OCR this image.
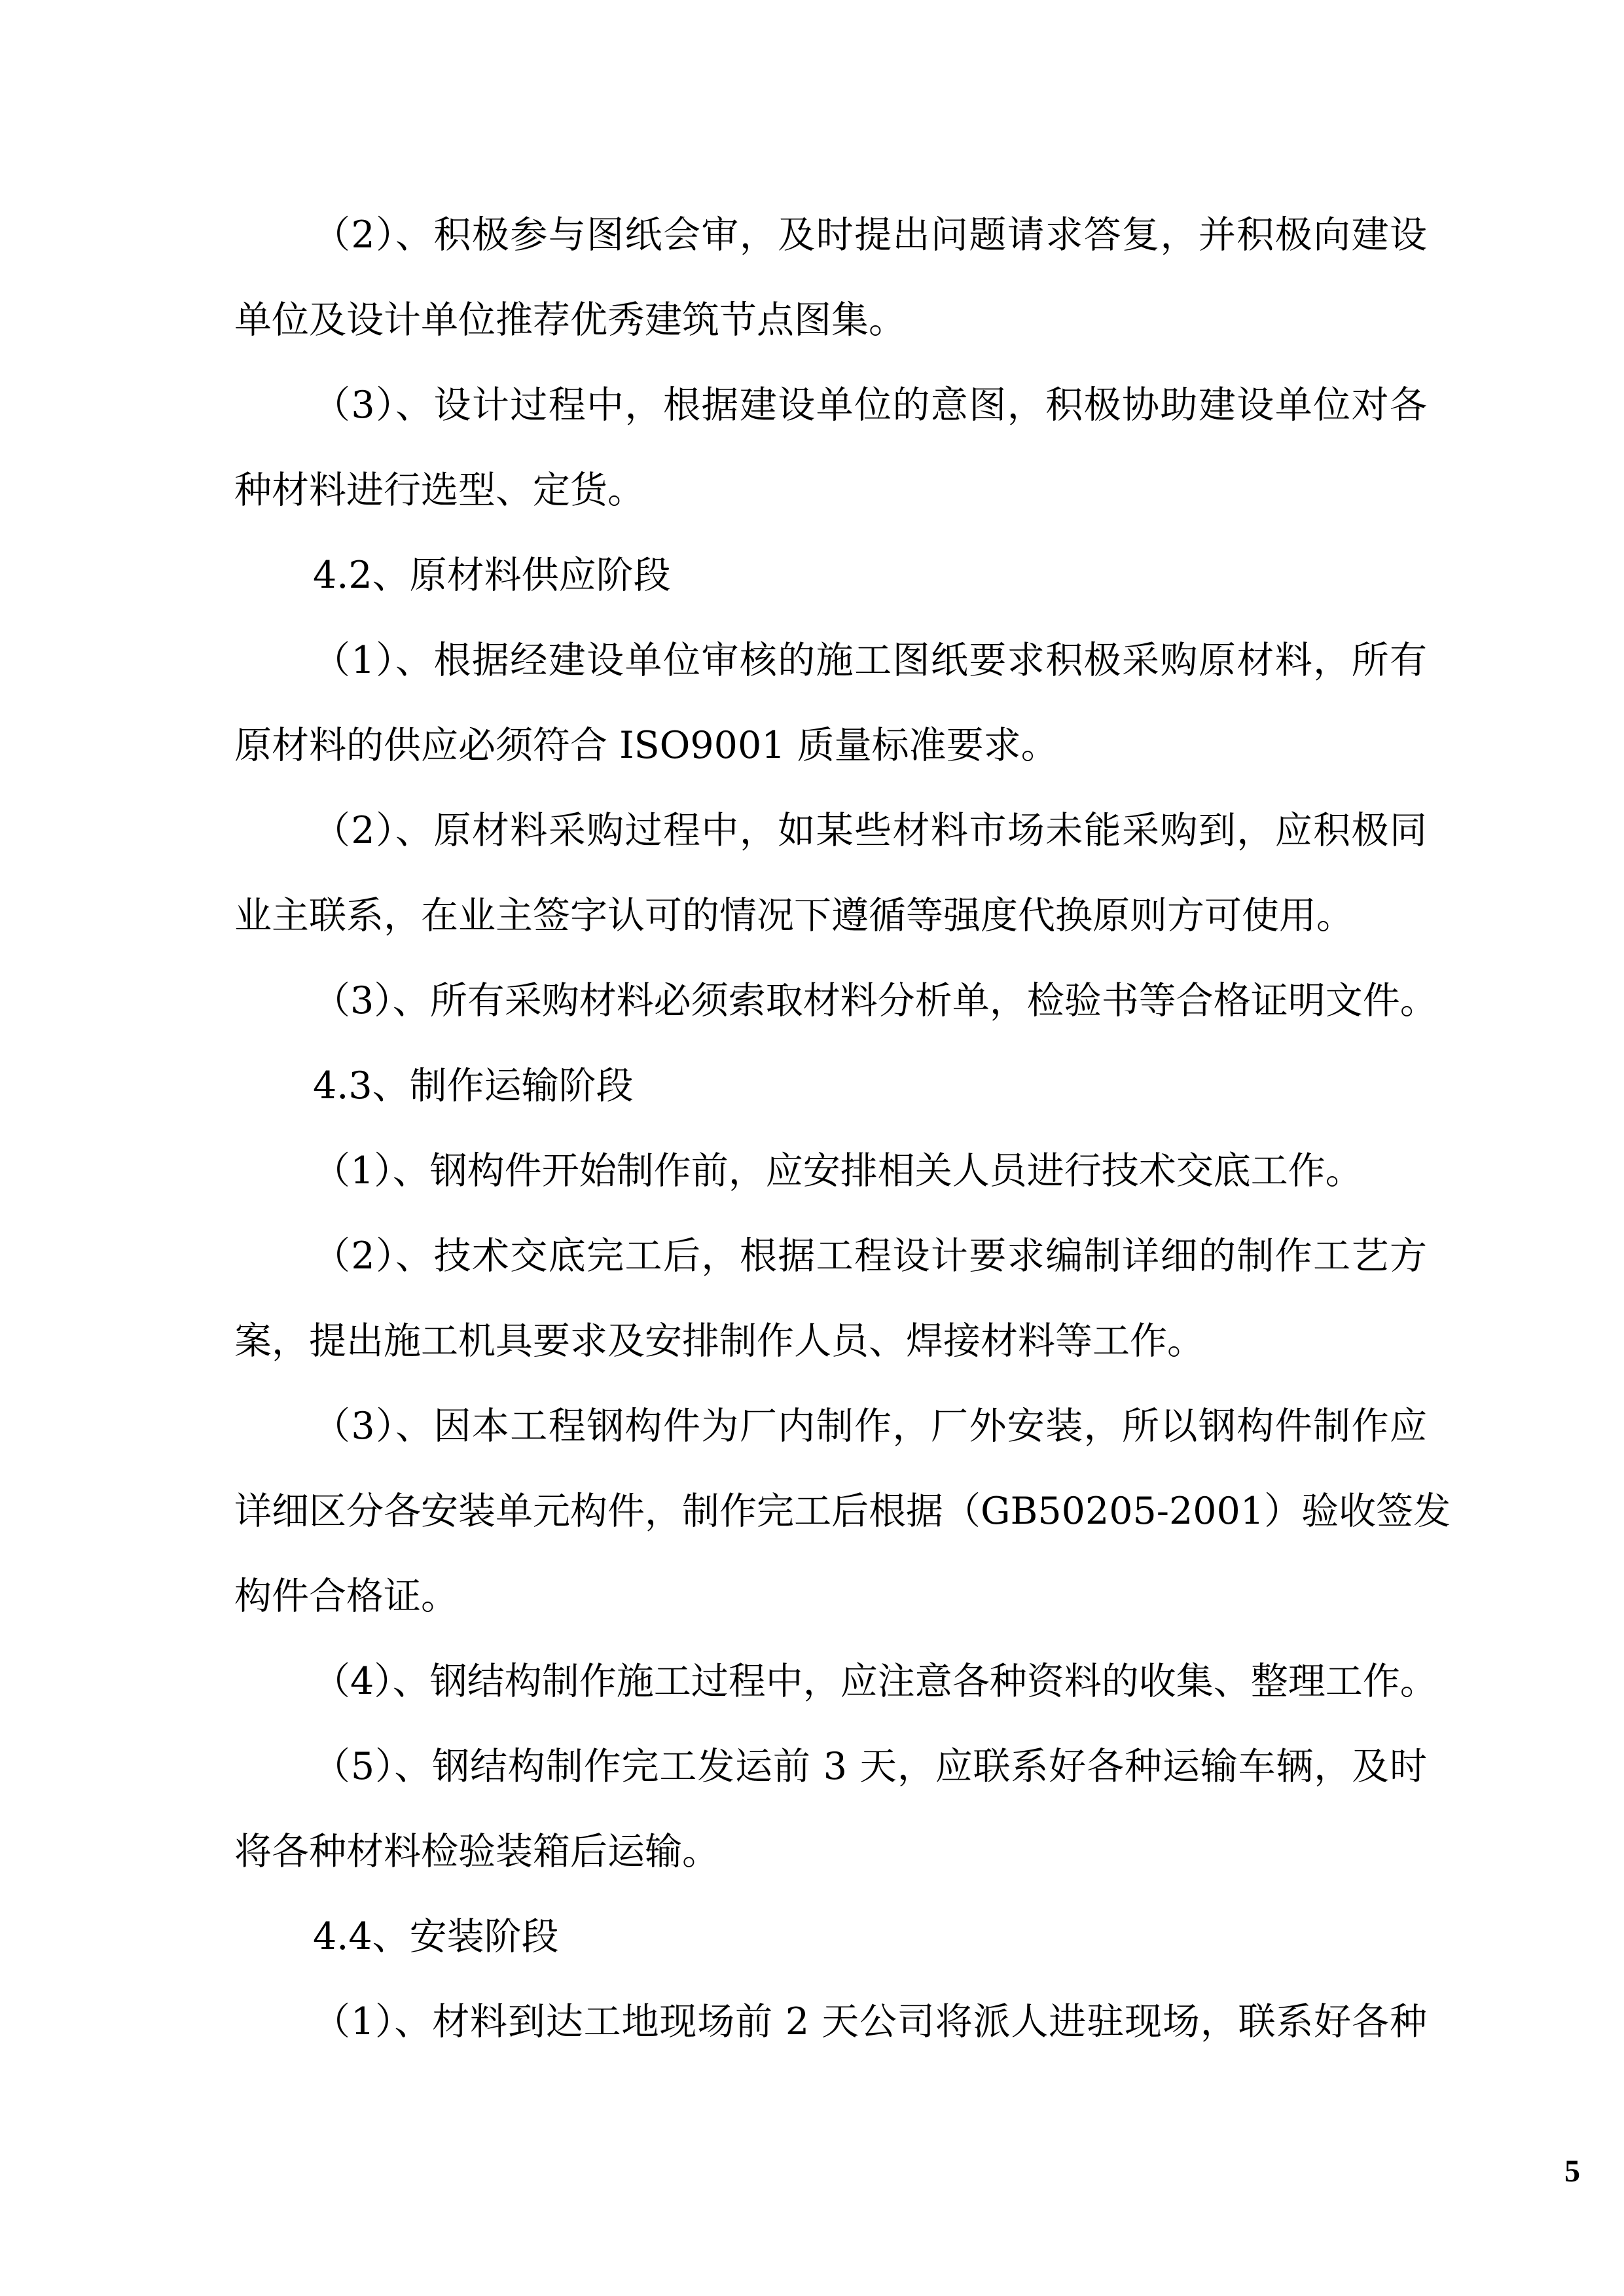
（2）、积极参与图纸会审，及时提出问题请求答复，并积极向建设
单位及设计单位推荐优秀建筑节点图集。
（3）、设计过程中，根据建设单位的意图，积极协助建设单位对各
种材料进行选型、定货。
4.2、原材料供应阶段
（1）、根据经建设单位审核的施工图纸要求积极采购原材料，所有
原材料的供应必须符合 ISO9001 质量标准要求。
（2）、原材料采购过程中，如某些材料市场未能采购到，应积极同
业主联系，在业主签字认可的情况下遵循等强度代换原则方可使用。
（3）、所有采购材料必须索取材料分析单，检验书等合格证明文件。
4.3、制作运输阶段
（1）、钢构件开始制作前，应安排相关人员进行技术交底工作。
（2）、技术交底完工后，根据工程设计要求编制详细的制作工艺方
案，提出施工机具要求及安排制作人员、焊接材料等工作。
（3）、因本工程钢构件为厂内制作，厂外安装，所以钢构件制作应
详细区分各安装单元构件，制作完工后根据（GB50205-2001）验收签发
构件合格证。
（4）、钢结构制作施工过程中，应注意各种资料的收集、整理工作。
（5）、钢结构制作完工发运前 3 天，应联系好各种运输车辆，及时
将各种材料检验装箱后运输。
4.4、安装阶段
（1）、材料到达工地现场前 2 天公司将派人进驻现场，联系好各种
5
